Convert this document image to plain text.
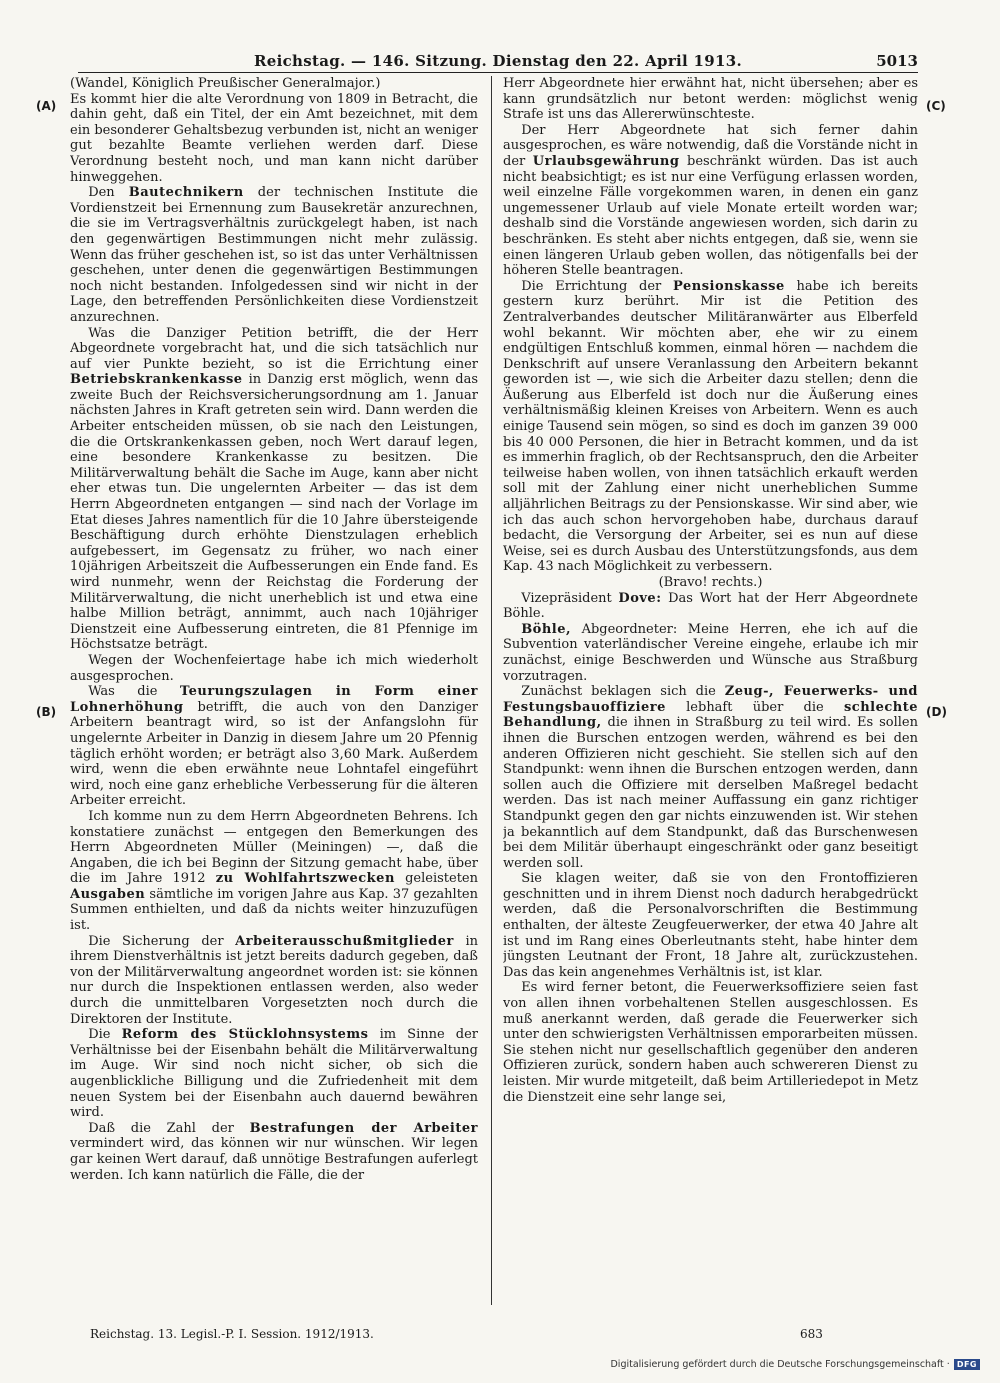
Reichstag. — 146. Sitzung. Dienstag den 22. April 1913.	5013
(A)
(B)
(C)
(D)

(Wandel, Königlich Preußischer Generalmajor.)

Es kommt hier die alte Verordnung von 1809 in Betracht, die dahin geht, daß ein Titel, der ein Amt bezeichnet, mit dem ein besonderer Gehaltsbezug verbunden ist, nicht an weniger gut bezahlte Beamte verliehen werden darf. Diese Verordnung besteht noch, und man kann nicht darüber hinweggehen.

Den Bautechnikern der technischen Institute die Vordienstzeit bei Ernennung zum Bausekretär anzurechnen, die sie im Vertragsverhältnis zurückgelegt haben, ist nach den gegenwärtigen Bestimmungen nicht mehr zulässig. Wenn das früher geschehen ist, so ist das unter Verhältnissen geschehen, unter denen die gegenwärtigen Bestimmungen noch nicht bestanden. Infolgedessen sind wir nicht in der Lage, den betreffenden Persönlichkeiten diese Vordienstzeit anzurechnen.

Was die Danziger Petition betrifft, die der Herr Abgeordnete vorgebracht hat, und die sich tatsächlich nur auf vier Punkte bezieht, so ist die Errichtung einer Betriebskrankenkasse in Danzig erst möglich, wenn das zweite Buch der Reichsversicherungsordnung am 1. Januar nächsten Jahres in Kraft getreten sein wird. Dann werden die Arbeiter entscheiden müssen, ob sie nach den Leistungen, die die Ortskrankenkassen geben, noch Wert darauf legen, eine besondere Krankenkasse zu besitzen. Die Militärverwaltung behält die Sache im Auge, kann aber nicht eher etwas tun. Die ungelernten Arbeiter — das ist dem Herrn Abgeordneten entgangen — sind nach der Vorlage im Etat dieses Jahres namentlich für die 10 Jahre übersteigende Beschäftigung durch erhöhte Dienstzulagen erheblich aufgebessert, im Gegensatz zu früher, wo nach einer 10jährigen Arbeitszeit die Aufbesserungen ein Ende fand. Es wird nunmehr, wenn der Reichstag die Forderung der Militärverwaltung, die nicht unerheblich ist und etwa eine halbe Million beträgt, annimmt, auch nach 10jähriger Dienstzeit eine Aufbesserung eintreten, die 81 Pfennige im Höchstsatze beträgt.

Wegen der Wochenfeiertage habe ich mich wiederholt ausgesprochen.

Was die Teurungszulagen in Form einer Lohnerhöhung betrifft, die auch von den Danziger Arbeitern beantragt wird, so ist der Anfangslohn für ungelernte Arbeiter in Danzig in diesem Jahre um 20 Pfennig täglich erhöht worden; er beträgt also 3,60 Mark. Außerdem wird, wenn die eben erwähnte neue Lohntafel eingeführt wird, noch eine ganz erhebliche Verbesserung für die älteren Arbeiter erreicht.

Ich komme nun zu dem Herrn Abgeordneten Behrens. Ich konstatiere zunächst — entgegen den Bemerkungen des Herrn Abgeordneten Müller (Meiningen) —, daß die Angaben, die ich bei Beginn der Sitzung gemacht habe, über die im Jahre 1912 zu Wohlfahrtszwecken geleisteten Ausgaben sämtliche im vorigen Jahre aus Kap. 37 gezahlten Summen enthielten, und daß da nichts weiter hinzuzufügen ist.

Die Sicherung der Arbeiterausschußmitglieder in ihrem Dienstverhältnis ist jetzt bereits dadurch gegeben, daß von der Militärverwaltung angeordnet worden ist: sie können nur durch die Inspektionen entlassen werden, also weder durch die unmittelbaren Vorgesetzten noch durch die Direktoren der Institute.

Die Reform des Stücklohnsystems im Sinne der Verhältnisse bei der Eisenbahn behält die Militärverwaltung im Auge. Wir sind noch nicht sicher, ob sich die augenblickliche Billigung und die Zufriedenheit mit dem neuen System bei der Eisenbahn auch dauernd bewähren wird.

Daß die Zahl der Bestrafungen der Arbeiter vermindert wird, das können wir nur wünschen. Wir legen gar keinen Wert darauf, daß unnötige Bestrafungen auferlegt werden. Ich kann natürlich die Fälle, die der

Herr Abgeordnete hier erwähnt hat, nicht übersehen; aber es kann grundsätzlich nur betont werden: möglichst wenig Strafe ist uns das Allererwünschteste.

Der Herr Abgeordnete hat sich ferner dahin ausgesprochen, es wäre notwendig, daß die Vorstände nicht in der Urlaubsgewährung beschränkt würden. Das ist auch nicht beabsichtigt; es ist nur eine Verfügung erlassen worden, weil einzelne Fälle vorgekommen waren, in denen ein ganz ungemessener Urlaub auf viele Monate erteilt worden war; deshalb sind die Vorstände angewiesen worden, sich darin zu beschränken. Es steht aber nichts entgegen, daß sie, wenn sie einen längeren Urlaub geben wollen, das nötigenfalls bei der höheren Stelle beantragen.

Die Errichtung der Pensionskasse habe ich bereits gestern kurz berührt. Mir ist die Petition des Zentralverbandes deutscher Militäranwärter aus Elberfeld wohl bekannt. Wir möchten aber, ehe wir zu einem endgültigen Entschluß kommen, einmal hören — nachdem die Denkschrift auf unsere Veranlassung den Arbeitern bekannt geworden ist —, wie sich die Arbeiter dazu stellen; denn die Äußerung aus Elberfeld ist doch nur die Äußerung eines verhältnismäßig kleinen Kreises von Arbeitern. Wenn es auch einige Tausend sein mögen, so sind es doch im ganzen 39 000 bis 40 000 Personen, die hier in Betracht kommen, und da ist es immerhin fraglich, ob der Rechtsanspruch, den die Arbeiter teilweise haben wollen, von ihnen tatsächlich erkauft werden soll mit der Zahlung einer nicht unerheblichen Summe alljährlichen Beitrags zu der Pensionskasse. Wir sind aber, wie ich das auch schon hervorgehoben habe, durchaus darauf bedacht, die Versorgung der Arbeiter, sei es nun auf diese Weise, sei es durch Ausbau des Unterstützungsfonds, aus dem Kap. 43 nach Möglichkeit zu verbessern.

(Bravo! rechts.)

Vizepräsident Dove: Das Wort hat der Herr Abgeordnete Böhle.

Böhle, Abgeordneter: Meine Herren, ehe ich auf die Subvention vaterländischer Vereine eingehe, erlaube ich mir zunächst, einige Beschwerden und Wünsche aus Straßburg vorzutragen.

Zunächst beklagen sich die Zeug-, Feuerwerks- und Festungsbauoffiziere lebhaft über die schlechte Behandlung, die ihnen in Straßburg zu teil wird. Es sollen ihnen die Burschen entzogen werden, während es bei den anderen Offizieren nicht geschieht. Sie stellen sich auf den Standpunkt: wenn ihnen die Burschen entzogen werden, dann sollen auch die Offiziere mit derselben Maßregel bedacht werden. Das ist nach meiner Auffassung ein ganz richtiger Standpunkt gegen den gar nichts einzuwenden ist. Wir stehen ja bekanntlich auf dem Standpunkt, daß das Burschenwesen bei dem Militär überhaupt eingeschränkt oder ganz beseitigt werden soll.

Sie klagen weiter, daß sie von den Frontoffizieren geschnitten und in ihrem Dienst noch dadurch herabgedrückt werden, daß die Personalvorschriften die Bestimmung enthalten, der älteste Zeugfeuerwerker, der etwa 40 Jahre alt ist und im Rang eines Oberleutnants steht, habe hinter dem jüngsten Leutnant der Front, 18 Jahre alt, zurückzustehen. Das das kein angenehmes Verhältnis ist, ist klar.

Es wird ferner betont, die Feuerwerksoffiziere seien fast von allen ihnen vorbehaltenen Stellen ausgeschlossen. Es muß anerkannt werden, daß gerade die Feuerwerker sich unter den schwierigsten Verhältnissen emporarbeiten müssen. Sie stehen nicht nur gesellschaftlich gegenüber den anderen Offizieren zurück, sondern haben auch schwereren Dienst zu leisten. Mir wurde mitgeteilt, daß beim Artilleriedepot in Metz die Dienstzeit eine sehr lange sei,

Reichstag. 13. Legisl.-P. I. Session. 1912/1913.	683
Digitalisierung gefördert durch die Deutsche Forschungsgemeinschaft · DFG
